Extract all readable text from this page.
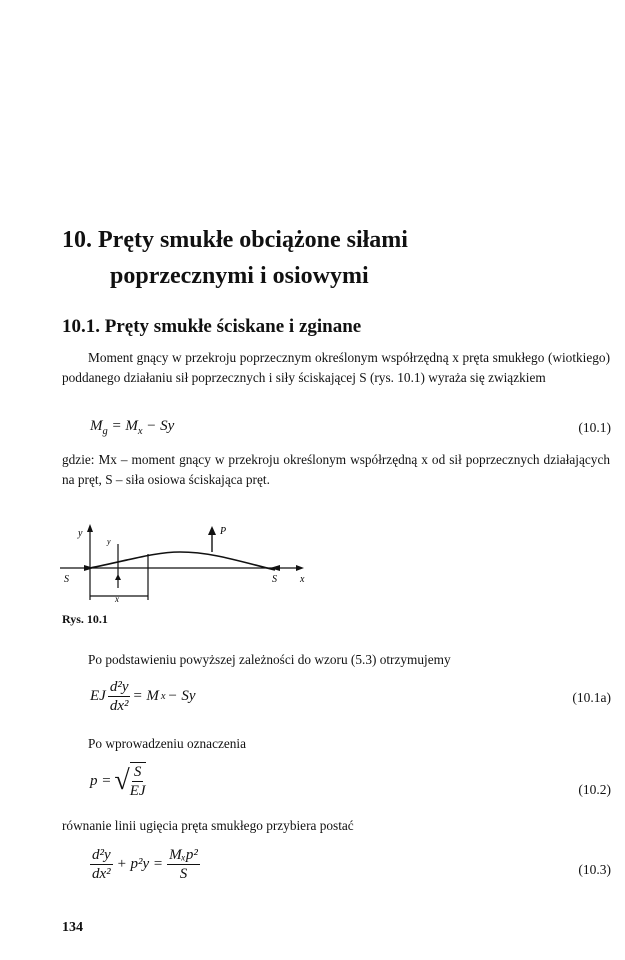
10. Pręty smukłe obciążone siłami
poprzecznymi i osiowymi
10.1. Pręty smukłe ściskane i zginane

Moment gnący w przekroju poprzecznym określonym współrzędną x pręta smukłego (wiotkiego) poddanego działaniu sił poprzecznych i siły ściskającej S (rys. 10.1) wyraża się związkiem

$M_g = M_x - Sy$	(10.1)

gdzie: Mx – moment gnący w przekroju określonym współrzędną x od sił poprzecznych działających na pręt, S – siła osiowa ściskająca pręt.

y	P
S	S x
x
y
Rys. 10.1

Po podstawieniu powyższej zależności do wzoru (5.3) otrzymujemy

EJ $\frac{\text{d²y}}{\text{dx²}} = M$ x − Sy	(10.1a)

Po wprowadzeniu oznaczenia

p = √ $\frac{S}{EJ}$	(10.2)

równanie linii ugięcia pręta smukłego przybiera postać

$\frac{\text{d²y}}{\text{dx²}} + p^2y = \frac{\text{Mₓp²}}{S}$	(10.3)
134
